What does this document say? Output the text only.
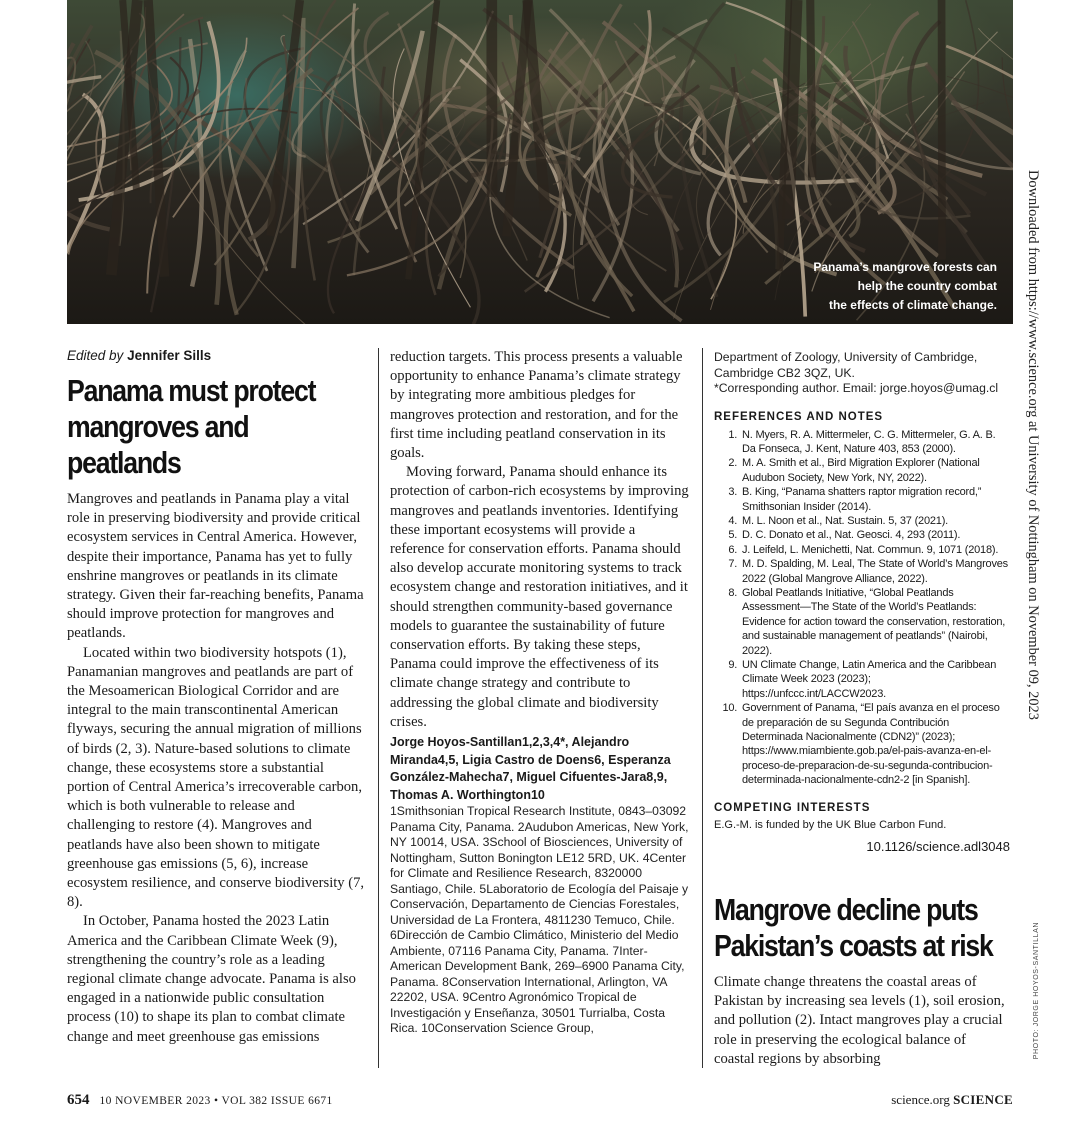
Panama’s mangrove forests can
help the country combat
the effects of climate change.

Edited by Jennifer Sills

Panama must protect mangroves and peatlands

Mangroves and peatlands in Panama play a vital role in preserving biodiversity and provide critical ecosystem services in Central America. However, despite their importance, Panama has yet to fully enshrine mangroves or peatlands in its climate strategy. Given their far-reaching benefits, Panama should improve protection for mangroves and peatlands.

Located within two biodiversity hotspots (1), Panamanian mangroves and peatlands are part of the Mesoamerican Biological Corridor and are integral to the main transcontinental American flyways, securing the annual migration of millions of birds (2, 3). Nature-based solutions to climate change, these ecosystems store a substantial portion of Central America’s irrecoverable carbon, which is both vulnerable to release and challenging to restore (4). Mangroves and peatlands have also been shown to mitigate greenhouse gas emissions (5, 6), increase ecosystem resilience, and conserve biodiversity (7, 8).

In October, Panama hosted the 2023 Latin America and the Caribbean Climate Week (9), strengthening the country’s role as a leading regional climate change advocate. Panama is also engaged in a nationwide public consultation process (10) to shape its plan to combat climate change and meet greenhouse gas emissions

reduction targets. This process presents a valuable opportunity to enhance Panama’s climate strategy by integrating more ambitious pledges for mangroves protection and restoration, and for the first time including peatland conservation in its goals.

Moving forward, Panama should enhance its protection of carbon-rich ecosystems by improving mangroves and peatlands inventories. Identifying these important ecosystems will provide a reference for conservation efforts. Panama should also develop accurate monitoring systems to track ecosystem change and restoration initiatives, and it should strengthen community-based governance models to guarantee the sustainability of future conservation efforts. By taking these steps, Panama could improve the effectiveness of its climate change strategy and contribute to addressing the global climate and biodiversity crises.

Jorge Hoyos-Santillan1,2,3,4*, Alejandro Miranda4,5, Ligia Castro de Doens6, Esperanza González-Mahecha7, Miguel Cifuentes-Jara8,9, Thomas A. Worthington10

1Smithsonian Tropical Research Institute, 0843–03092 Panama City, Panama. 2Audubon Americas, New York, NY 10014, USA. 3School of Biosciences, University of Nottingham, Sutton Bonington LE12 5RD, UK. 4Center for Climate and Resilience Research, 8320000 Santiago, Chile. 5Laboratorio de Ecología del Paisaje y Conservación, Departamento de Ciencias Forestales, Universidad de La Frontera, 4811230 Temuco, Chile. 6Dirección de Cambio Climático, Ministerio del Medio Ambiente, 07116 Panama City, Panama. 7Inter-American Development Bank, 269–6900 Panama City, Panama. 8Conservation International, Arlington, VA 22202, USA. 9Centro Agronómico Tropical de Investigación y Enseñanza, 30501 Turrialba, Costa Rica. 10Conservation Science Group,

Department of Zoology, University of Cambridge, Cambridge CB2 3QZ, UK.

*Corresponding author. Email: jorge.hoyos@umag.cl

REFERENCES AND NOTES
1. N. Myers, R. A. Mittermeler, C. G. Mittermeler, G. A. B. Da Fonseca, J. Kent, Nature 403, 853 (2000).
2. M. A. Smith et al., Bird Migration Explorer (National Audubon Society, New York, NY, 2022).
3. B. King, “Panama shatters raptor migration record,” Smithsonian Insider (2014).
4. M. L. Noon et al., Nat. Sustain. 5, 37 (2021).
5. D. C. Donato et al., Nat. Geosci. 4, 293 (2011).
6. J. Leifeld, L. Menichetti, Nat. Commun. 9, 1071 (2018).
7. M. D. Spalding, M. Leal, The State of World’s Mangroves 2022 (Global Mangrove Alliance, 2022).
8. Global Peatlands Initiative, “Global Peatlands Assessment—The State of the World’s Peatlands: Evidence for action toward the conservation, restoration, and sustainable management of peatlands” (Nairobi, 2022).
9. UN Climate Change, Latin America and the Caribbean Climate Week 2023 (2023); https://unfccc.int/LACCW2023.
10. Government of Panama, “El país avanza en el proceso de preparación de su Segunda Contribución Determinada Nacionalmente (CDN2)” (2023); https://www.miambiente.gob.pa/el-pais-avanza-en-el-proceso-de-preparacion-de-su-segunda-contribucion-determinada-nacionalmente-cdn2-2 [in Spanish].
COMPETING INTERESTS

E.G.-M. is funded by the UK Blue Carbon Fund.

10.1126/science.adl3048

Mangrove decline puts Pakistan’s coasts at risk

Climate change threatens the coastal areas of Pakistan by increasing sea levels (1), soil erosion, and pollution (2). Intact mangroves play a crucial role in preserving the ecological balance of coastal regions by absorbing

654 10 NOVEMBER 2023 • VOL 382 ISSUE 6671	science.org SCIENCE
Downloaded from https://www.science.org at University of Nottingham on November 09, 2023
PHOTO: JORGE HOYOS-SANTILLAN
